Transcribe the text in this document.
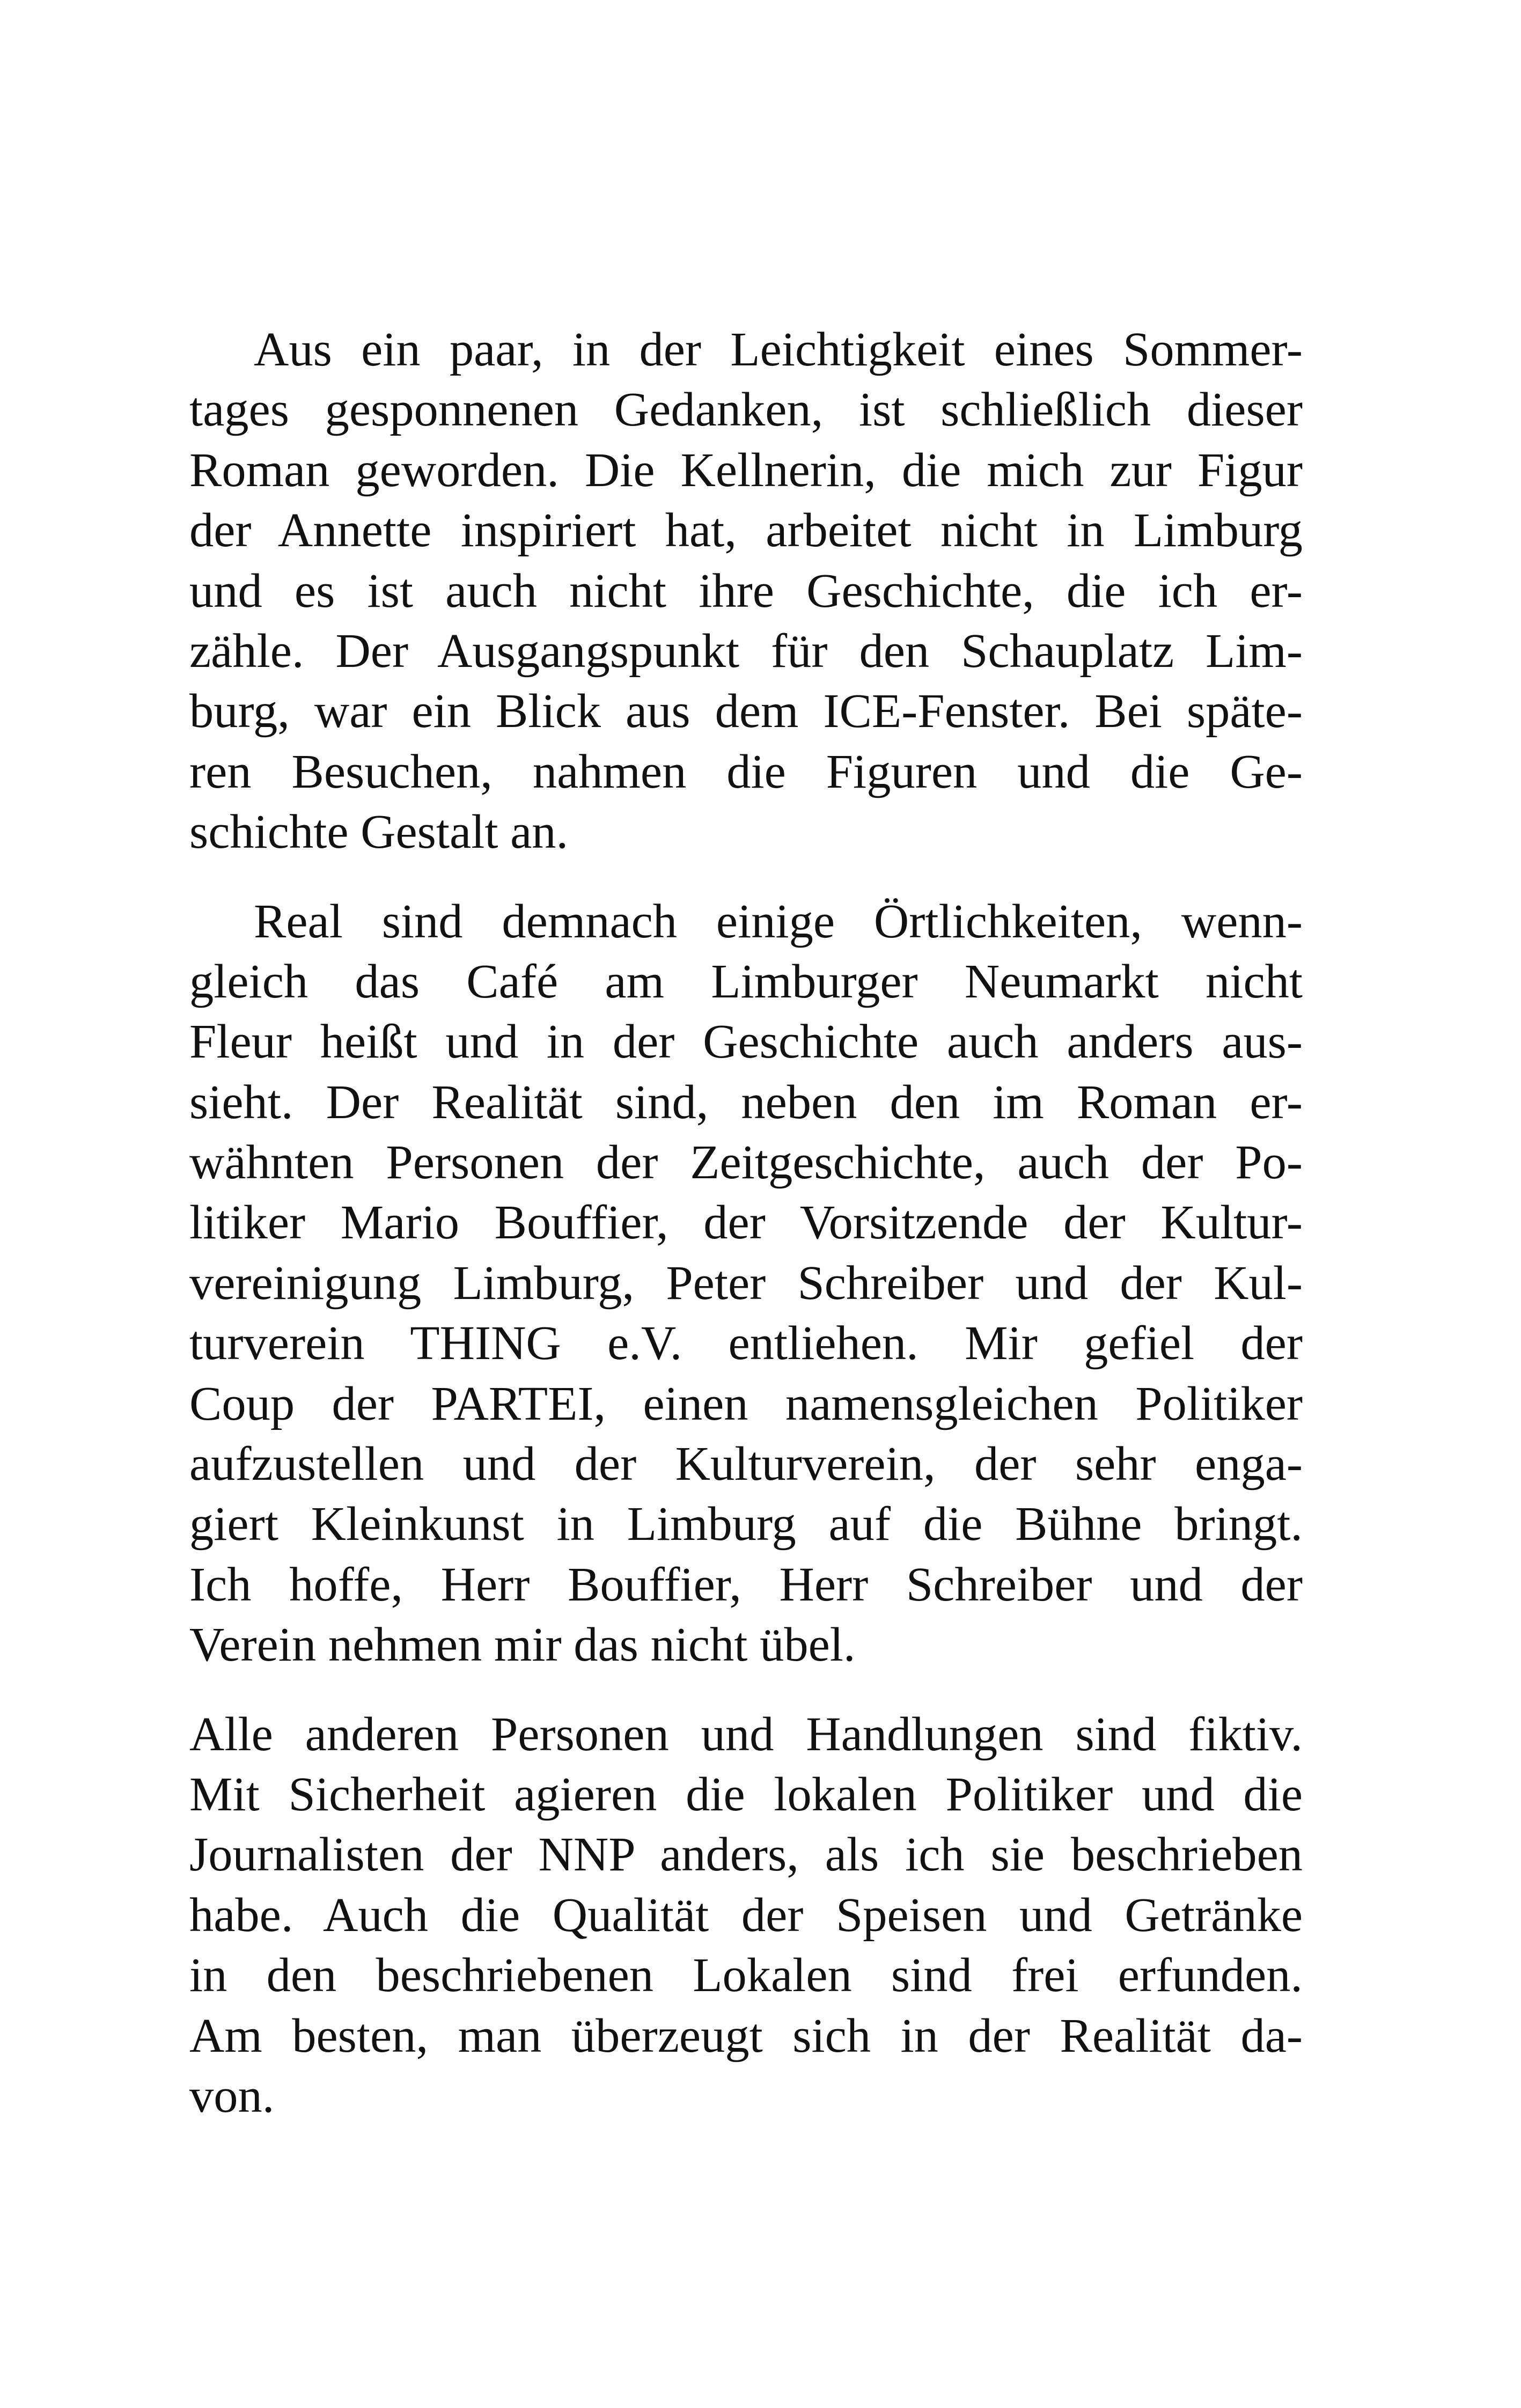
Aus ein paar, in der Leichtigkeit eines Sommer-
tages gesponnenen Gedanken, ist schließlich dieser
Roman geworden. Die Kellnerin, die mich zur Figur
der Annette inspiriert hat, arbeitet nicht in Limburg
und es ist auch nicht ihre Geschichte, die ich er-
zähle. Der Ausgangspunkt für den Schauplatz Lim-
burg, war ein Blick aus dem ICE-Fenster. Bei späte-
ren Besuchen, nahmen die Figuren und die Ge-
schichte Gestalt an.
Real sind demnach einige Örtlichkeiten, wenn-
gleich das Café am Limburger Neumarkt nicht
Fleur heißt und in der Geschichte auch anders aus-
sieht. Der Realität sind, neben den im Roman er-
wähnten Personen der Zeitgeschichte, auch der Po-
litiker Mario Bouffier, der Vorsitzende der Kultur-
vereinigung Limburg, Peter Schreiber und der Kul-
turverein THING e.V. entliehen. Mir gefiel der
Coup der PARTEI, einen namensgleichen Politiker
aufzustellen und der Kulturverein, der sehr enga-
giert Kleinkunst in Limburg auf die Bühne bringt.
Ich hoffe, Herr Bouffier, Herr Schreiber und der
Verein nehmen mir das nicht übel.
Alle anderen Personen und Handlungen sind fiktiv.
Mit Sicherheit agieren die lokalen Politiker und die
Journalisten der NNP anders, als ich sie beschrieben
habe. Auch die Qualität der Speisen und Getränke
in den beschriebenen Lokalen sind frei erfunden.
Am besten, man überzeugt sich in der Realität da-
von.
